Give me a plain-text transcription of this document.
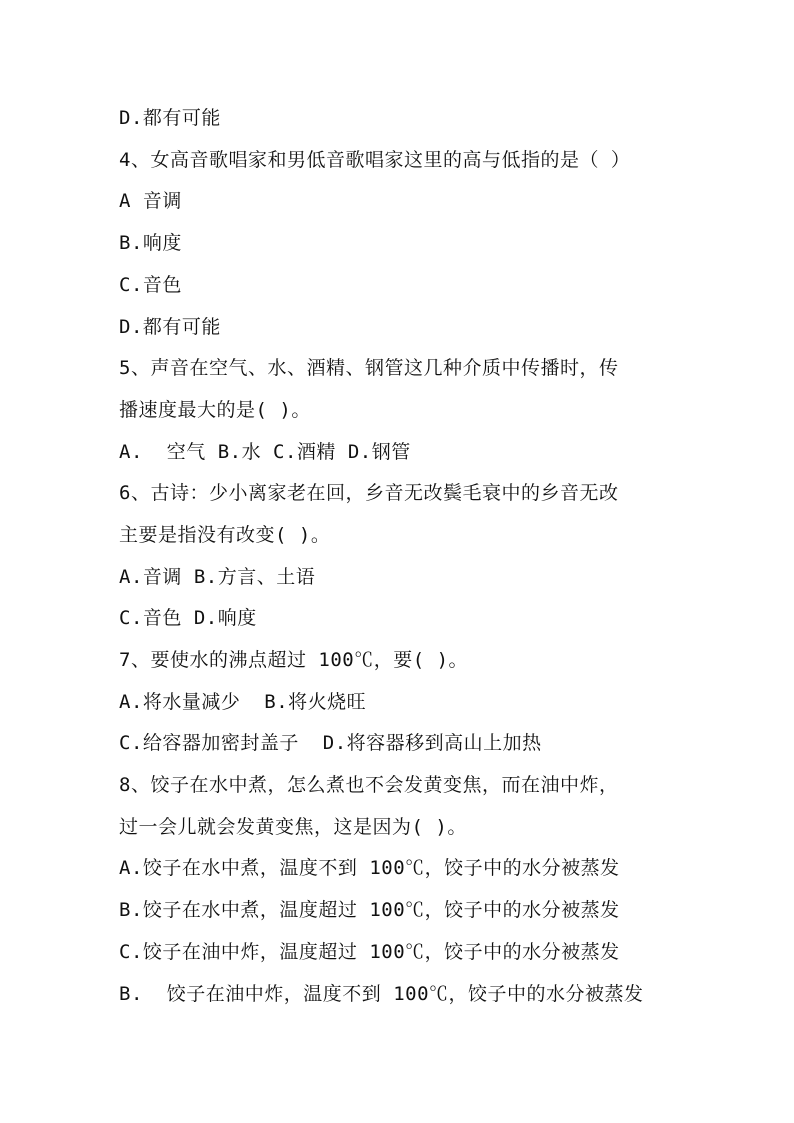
D.都有可能
4、女高音歌唱家和男低音歌唱家这里的高与低指的是（ ）
A 音调
B.响度
C.音色
D.都有可能
5、声音在空气、水、酒精、钢管这几种介质中传播时，传
播速度最大的是( )。
A.  空气 B.水 C.酒精 D.钢管
6、古诗：少小离家老在回，乡音无改鬓毛衰中的乡音无改
主要是指没有改变( )。
A.音调 B.方言、土语
C.音色 D.响度
7、要使水的沸点超过 100℃，要( )。
A.将水量减少  B.将火烧旺
C.给容器加密封盖子  D.将容器移到高山上加热
8、饺子在水中煮，怎么煮也不会发黄变焦，而在油中炸，
过一会儿就会发黄变焦，这是因为( )。
A.饺子在水中煮，温度不到 100℃，饺子中的水分被蒸发
B.饺子在水中煮，温度超过 100℃，饺子中的水分被蒸发
C.饺子在油中炸，温度超过 100℃，饺子中的水分被蒸发
B.  饺子在油中炸，温度不到 100℃，饺子中的水分被蒸发
